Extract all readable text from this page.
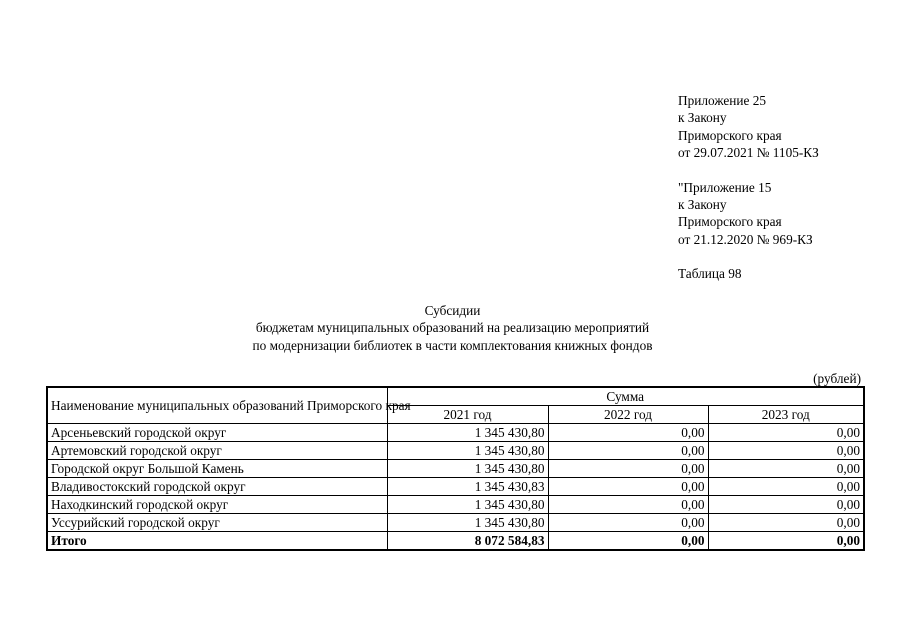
Приложение 25
к Закону
Приморского края
от 29.07.2021 № 1105-КЗ
"Приложение 15
к Закону
Приморского края
от 21.12.2020 № 969-КЗ
Таблица 98
Субсидии
бюджетам муниципальных образований на реализацию мероприятий
по модернизации библиотек в части комплектования книжных фондов
(рублей)
Наименование муниципальных образований Приморского края	Сумма		
	2021 год	2022 год	2023 год
Арсеньевский городской округ	1 345 430,80	0,00	0,00
Артемовский городской округ	1 345 430,80	0,00	0,00
Городской округ Большой Камень	1 345 430,80	0,00	0,00
Владивостокский городской округ	1 345 430,83	0,00	0,00
Находкинский городской округ	1 345 430,80	0,00	0,00
Уссурийский городской округ	1 345 430,80	0,00	0,00
Итого	8 072 584,83	0,00	0,00
